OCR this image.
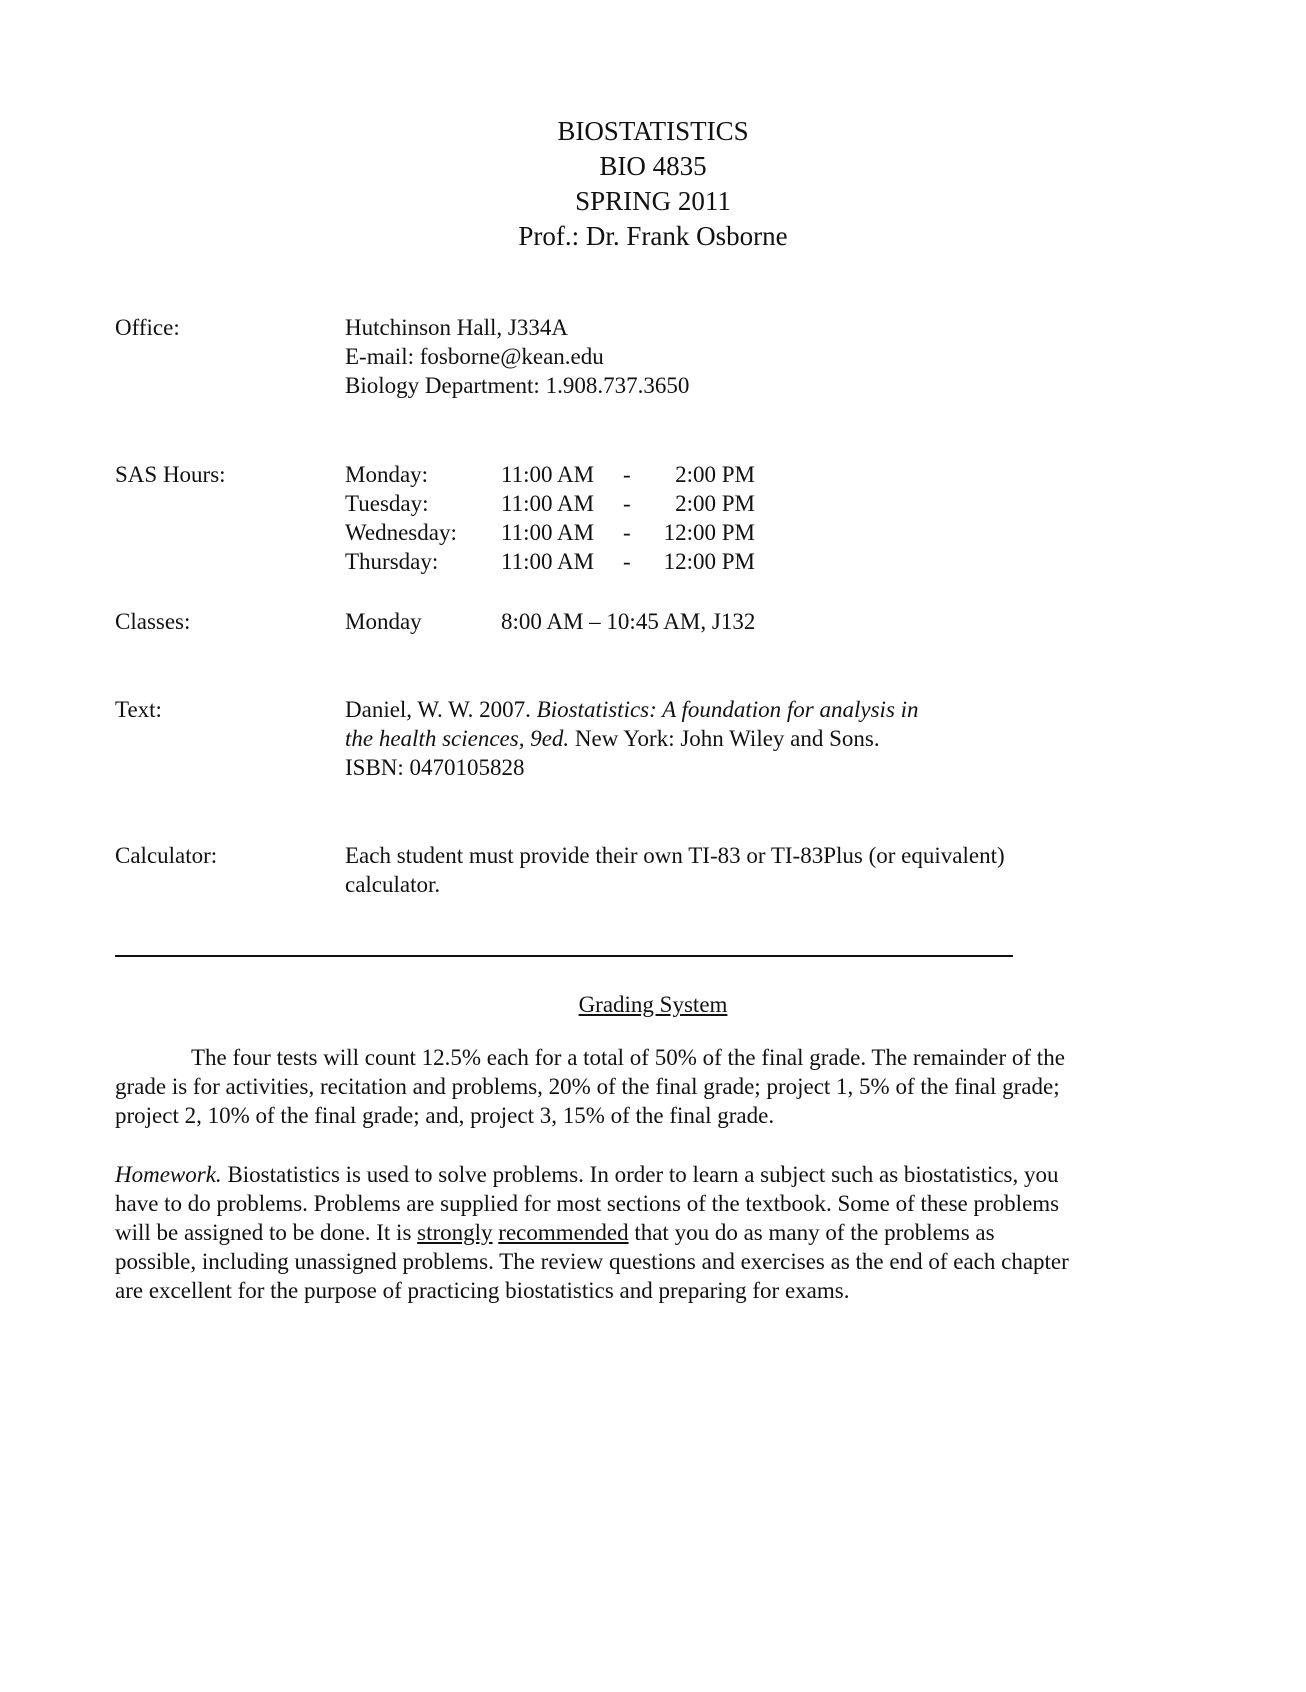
BIOSTATISTICS
BIO 4835
SPRING 2011
Prof.: Dr. Frank Osborne
Office:	Hutchinson Hall, J334A
E-mail: fosborne@kean.edu
Biology Department: 1.908.737.3650
SAS Hours:	Monday:	11:00 AM -	2:00 PM
Tuesday:	11:00 AM -	2:00 PM
Wednesday: 11:00 AM -	12:00 PM
Thursday:	11:00 AM -	12:00 PM
Classes:	Monday	8:00 AM – 10:45 AM, J132
Text:	Daniel, W. W. 2007. Biostatistics: A foundation for analysis in
the health sciences, 9ed. New York: John Wiley and Sons.
ISBN: 0470105828
Calculator:	Each student must provide their own TI-83 or TI-83Plus (or equivalent)
calculator.
Grading System
The four tests will count 12.5% each for a total of 50% of the final grade. The remainder of the
grade is for activities, recitation and problems, 20% of the final grade; project 1, 5% of the final grade;
project 2, 10% of the final grade; and, project 3, 15% of the final grade.
Homework. Biostatistics is used to solve problems. In order to learn a subject such as biostatistics, you
have to do problems. Problems are supplied for most sections of the textbook. Some of these problems
will be assigned to be done. It is strongly recommended that you do as many of the problems as
possible, including unassigned problems. The review questions and exercises as the end of each chapter
are excellent for the purpose of practicing biostatistics and preparing for exams.
